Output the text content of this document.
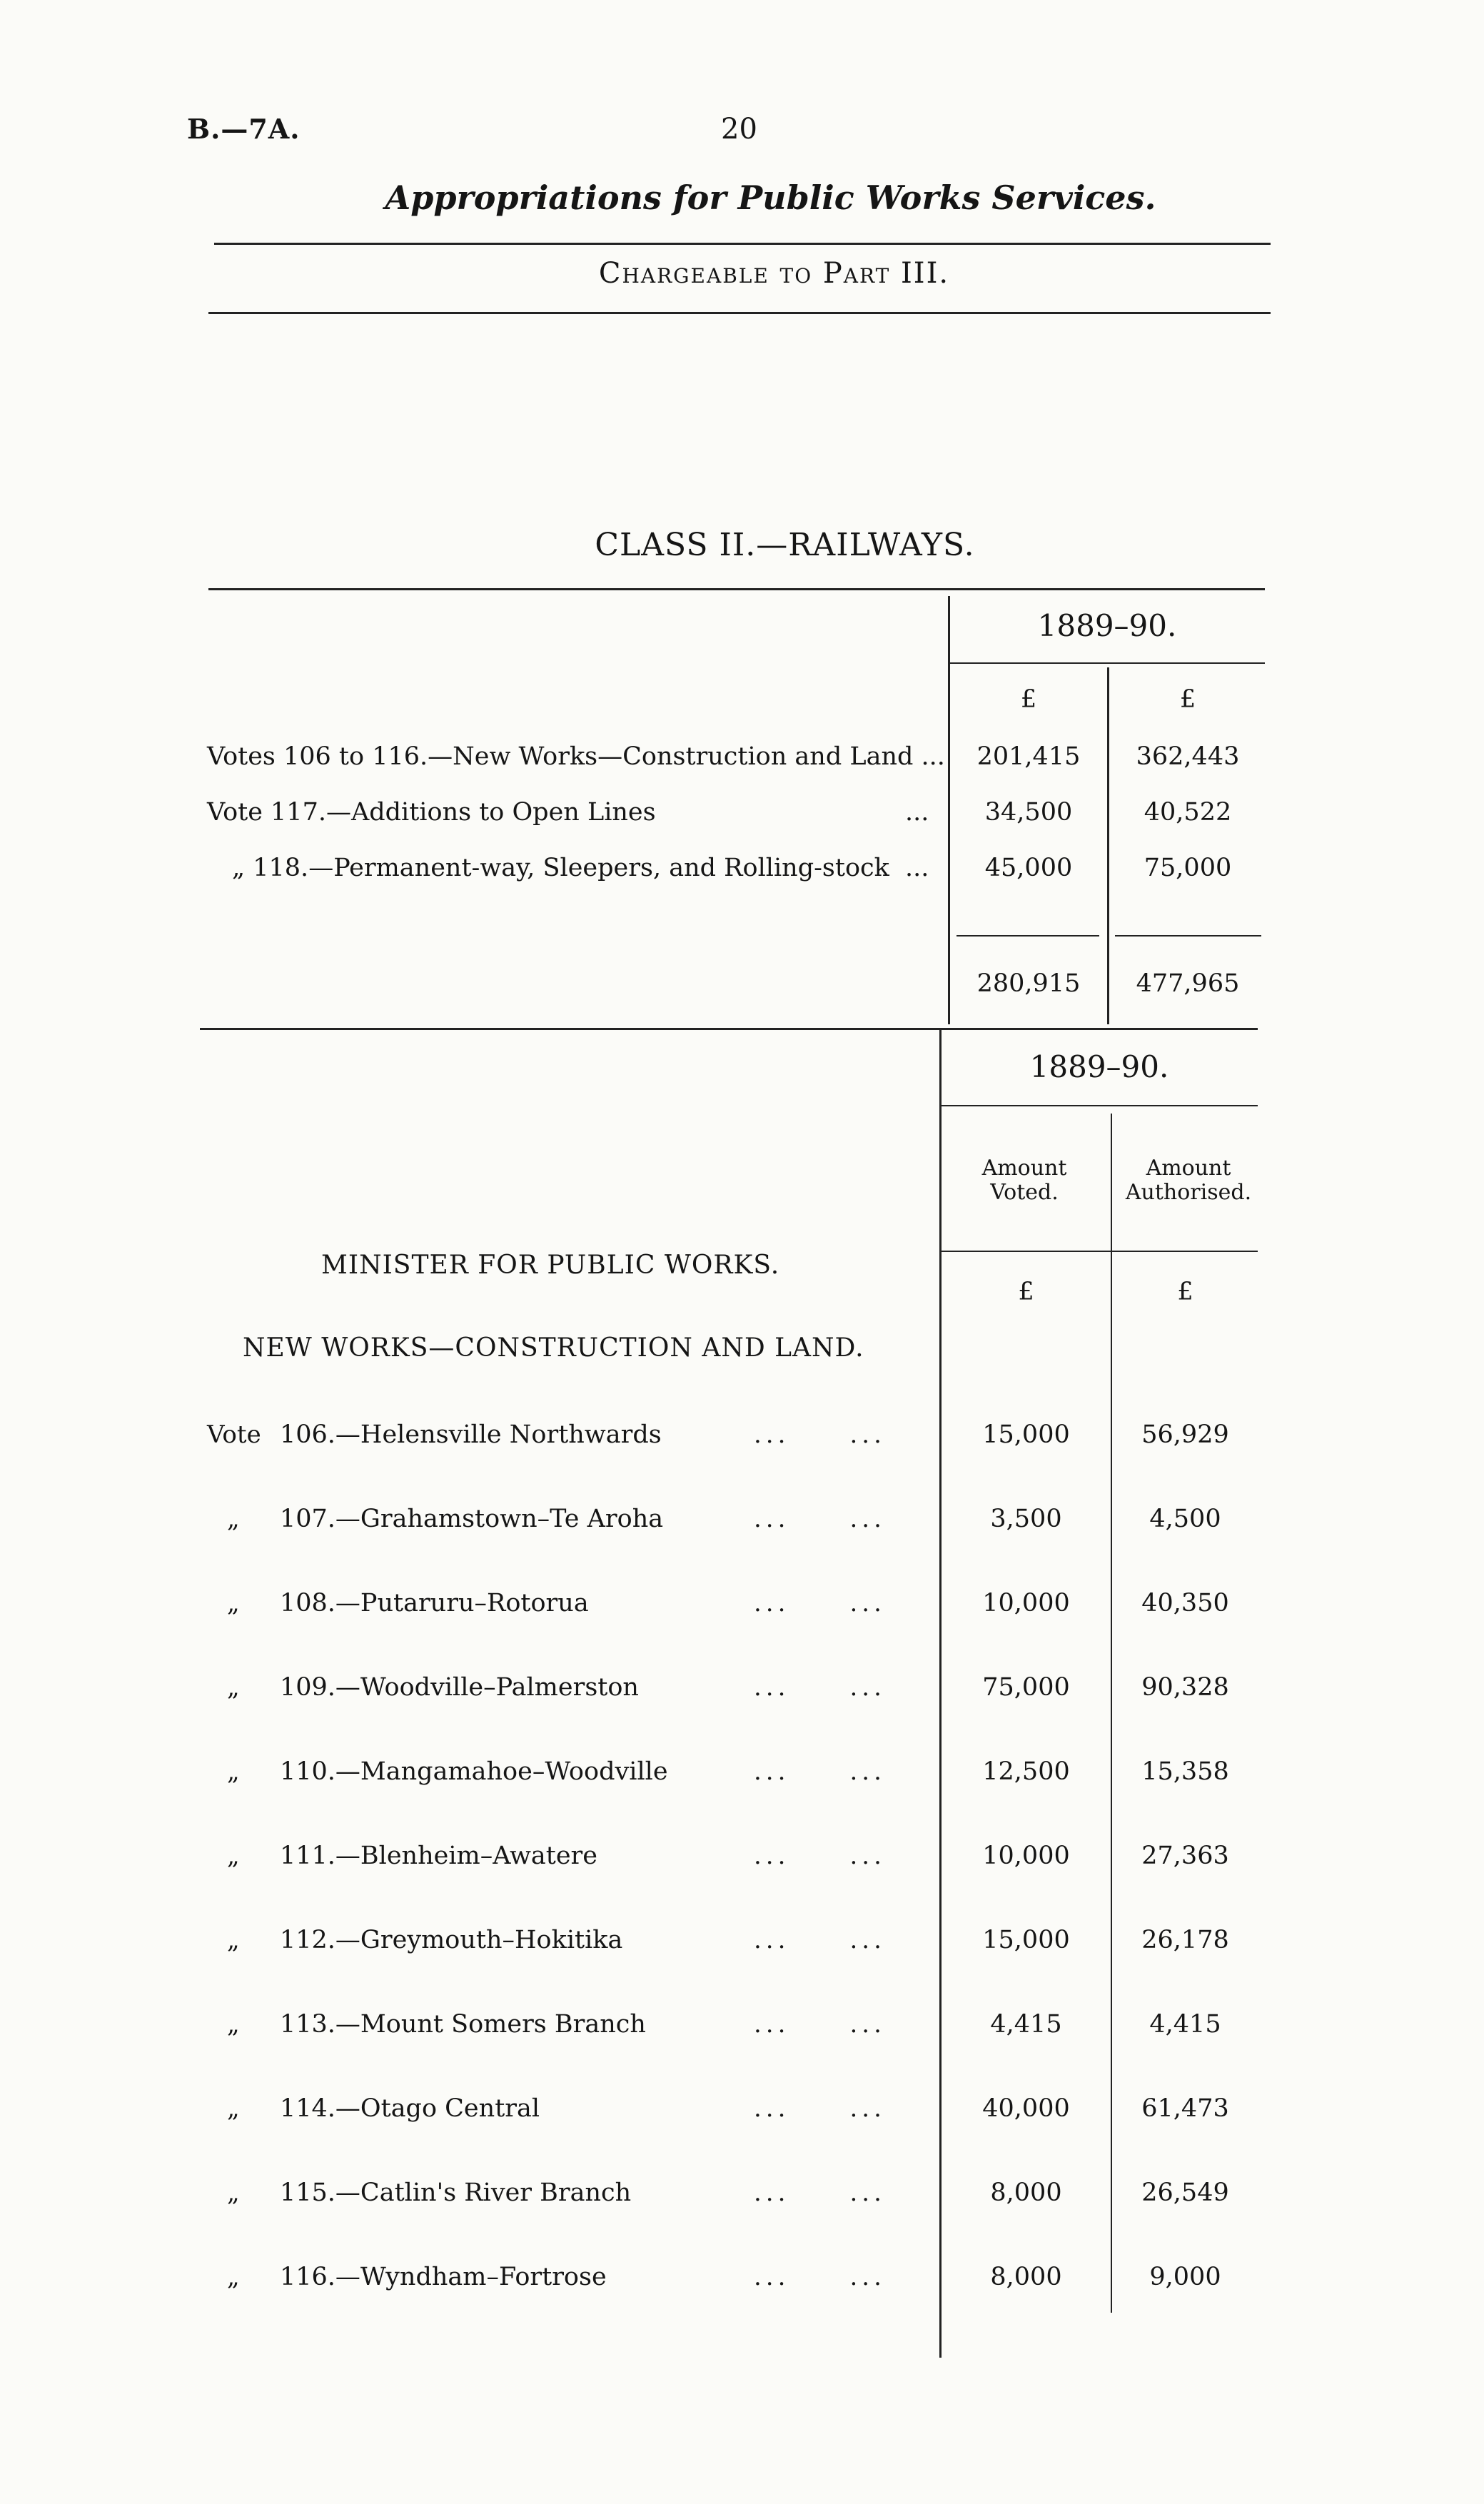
B.—7A.	20
Appropriations for Public Works Services.
Chargeable to Part III.
CLASS II.—RAILWAYS.
1889–90.
£	£
Votes 106 to 116.—New Works—Construction and Land ...	201,415	362,443
Vote 117.—Additions to Open Lines	...	34,500	40,522
„ 118.—Permanent-way, Sleepers, and Rolling-stock ...	45,000	75,000
280,915	477,965
1889–90.
Amount Voted.
Amount Authorised.
£	£
MINISTER FOR PUBLIC WORKS.
NEW WORKS—CONSTRUCTION AND LAND.
Vote 106.—Helensville Northwards	...     ...	15,000	56,929
„ 107.—Grahamstown–Te Aroha	...     ...	3,500	4,500
„ 108.—Putaruru–Rotorua	...     ...	10,000	40,350
„ 109.—Woodville–Palmerston	...     ...	75,000	90,328
„ 110.—Mangamahoe–Woodville	...     ...	12,500	15,358
„ 111.—Blenheim–Awatere	...     ...	10,000	27,363
„ 112.—Greymouth–Hokitika	...     ...	15,000	26,178
„ 113.—Mount Somers Branch	...     ...	4,415	4,415
„ 114.—Otago Central	...     ...	40,000	61,473
„ 115.—Catlin's River Branch	...     ...	8,000	26,549
„ 116.—Wyndham–Fortrose	...     ...	8,000	9,000
